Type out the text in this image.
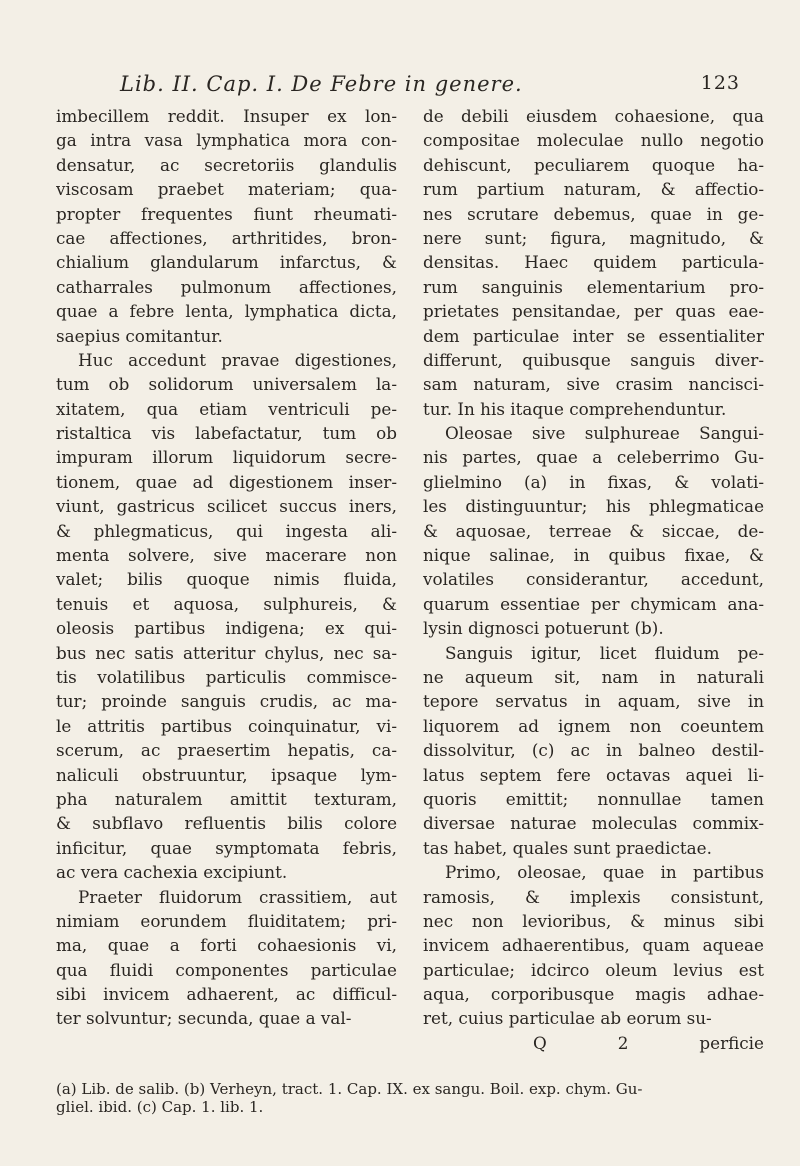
Lib. II. Cap. I. De Febre in genere.	123
imbecillem reddit. Insuper ex lon-
ga intra vasa lymphatica mora con-
densatur, ac secretoriis glandulis
viscosam praebet materiam; qua-
propter frequentes fiunt rheumati-
cae affectiones, arthritides, bron-
chialium glandularum infarctus, &
catharrales pulmonum affectiones,
quae a febre lenta, lymphatica dicta,
saepius comitantur.
Huc accedunt pravae digestiones,
tum ob solidorum universalem la-
xitatem, qua etiam ventriculi pe-
ristaltica vis labefactatur, tum ob
impuram illorum liquidorum secre-
tionem, quae ad digestionem inser-
viunt, gastricus scilicet succus iners,
& phlegmaticus, qui ingesta ali-
menta solvere, sive macerare non
valet; bilis quoque nimis fluida,
tenuis et aquosa, sulphureis, &
oleosis partibus indigena; ex qui-
bus nec satis atteritur chylus, nec sa-
tis volatilibus particulis commisce-
tur; proinde sanguis crudis, ac ma-
le attritis partibus coinquinatur, vi-
scerum, ac praesertim hepatis, ca-
naliculi obstruuntur, ipsaque lym-
pha naturalem amittit texturam,
& subflavo refluentis bilis colore
inficitur, quae symptomata febris,
ac vera cachexia excipiunt.
Praeter fluidorum crassitiem, aut
nimiam eorundem fluiditatem; pri-
ma, quae a forti cohaesionis vi,
qua fluidi componentes particulae
sibi invicem adhaerent, ac difficul-
ter solvuntur; secunda, quae a val-
de debili eiusdem cohaesione, qua
compositae moleculae nullo negotio
dehiscunt, peculiarem quoque ha-
rum partium naturam, & affectio-
nes scrutare debemus, quae in ge-
nere sunt; figura, magnitudo, &
densitas. Haec quidem particula-
rum sanguinis elementarium pro-
prietates pensitandae, per quas eae-
dem particulae inter se essentialiter
differunt, quibusque sanguis diver-
sam naturam, sive crasim nancisci-
tur. In his itaque comprehenduntur.
Oleosae sive sulphureae Sangui-
nis partes, quae a celeberrimo Gu-
glielmino (a) in fixas, & volati-
les distinguuntur; his phlegmaticae
& aquosae, terreae & siccae, de-
nique salinae, in quibus fixae, &
volatiles considerantur, accedunt,
quarum essentiae per chymicam ana-
lysin dignosci potuerunt (b).
Sanguis igitur, licet fluidum pe-
ne aqueum sit, nam in naturali
tepore servatus in aquam, sive in
liquorem ad ignem non coeuntem
dissolvitur, (c) ac in balneo destil-
latus septem fere octavas aquei li-
quoris emittit; nonnullae tamen
diversae naturae moleculas commix-
tas habet, quales sunt praedictae.
Primo, oleosae, quae in partibus
ramosis, & implexis consistunt,
nec non levioribus, & minus sibi
invicem adhaerentibus, quam aqueae
particulae; idcirco oleum levius est
aqua, corporibusque magis adhae-
ret, cuius particulae ab eorum su-
Q 2 perficie
(a) Lib. de salib. (b) Verheyn, tract. 1. Cap. IX. ex sangu. Boil. exp. chym. Gu-
gliel. ibid. (c) Cap. 1. lib. 1.
